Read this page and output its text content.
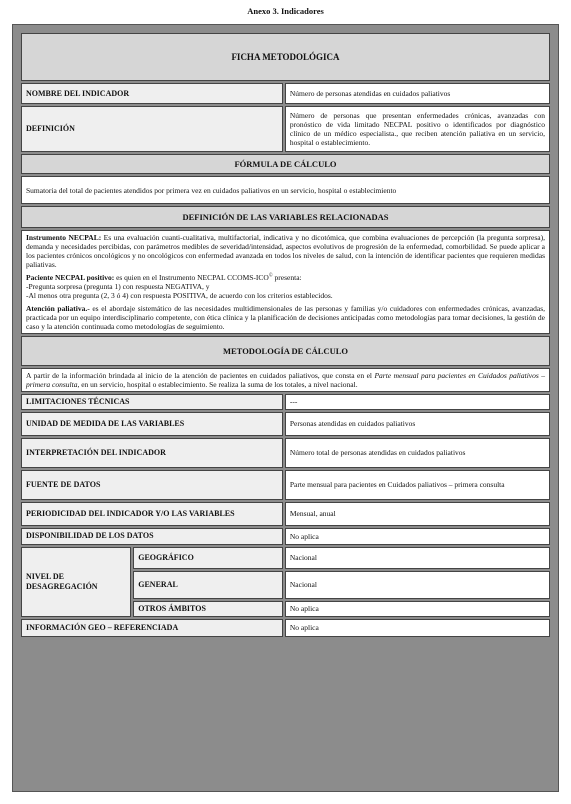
Anexo 3. Indicadores
FICHA METODOLÓGICA		
NOMBRE DEL INDICADOR		Número de personas atendidas en cuidados paliativos
DEFINICIÓN		Número de personas que presentan enfermedades crónicas, avanzadas con pronóstico de vida limitado NECPAL positivo o identificados por diagnóstico clínico de un médico especialista., que reciben atención paliativa en un servicio, hospital o establecimiento.
FÓRMULA DE CÁLCULO		
Sumatoria del total de pacientes atendidos por primera vez en cuidados paliativos en un servicio, hospital o establecimiento		
DEFINICIÓN DE LAS VARIABLES RELACIONADAS		

Instrumento NECPAL: Es una evaluación cuanti-cualitativa, multifactorial, indicativa y no dicotómica, que combina evaluaciones de percepción (la pregunta sorpresa), demanda y necesidades percibidas, con parámetros medibles de severidad/intensidad, aspectos evolutivos de progresión de la enfermedad, comorbilidad. Se puede aplicar a los pacientes crónicos oncológicos y no oncológicos con enfermedad avanzada en todos los niveles de salud, con la intención de identificar pacientes que requieren medidas paliativas.

Paciente NECPAL positivo: es quien en el Instrumento NECPAL CCOMS-ICO© presenta:

-Pregunta sorpresa (pregunta 1) con respuesta NEGATIVA, y

-Al menos otra pregunta (2, 3 ó 4) con respuesta POSITIVA, de acuerdo con los criterios establecidos.

Atención paliativa.- es el abordaje sistemático de las necesidades multidimensionales de las personas y familias y/o cuidadores con enfermedades crónicas, avanzadas, practicada por un equipo interdisciplinario competente, con ética clínica y la planificación de decisiones anticipadas como metodologías para tomar decisiones, la gestión de caso y la atención continuada como metodologías de seguimiento.		

METODOLOGÍA DE CÁLCULO		
A partir de la información brindada al inicio de la atención de pacientes en cuidados paliativos, que consta en el Parte mensual para pacientes en Cuidados paliativos – primera consulta, en un servicio, hospital o establecimiento. Se realiza la suma de los totales, a nivel nacional.		
LIMITACIONES TÉCNICAS		---
UNIDAD DE MEDIDA DE LAS VARIABLES		Personas atendidas en cuidados paliativos
INTERPRETACIÓN DEL INDICADOR		Número total de personas atendidas en cuidados paliativos
FUENTE DE DATOS		Parte mensual para pacientes en Cuidados paliativos – primera consulta
PERIODICIDAD DEL INDICADOR Y/O LAS VARIABLES		Mensual, anual
DISPONIBILIDAD DE LOS DATOS		No aplica
NIVEL DE DESAGREGACIÓN	GEOGRÁFICO	Nacional
	GENERAL	Nacional
	OTROS ÁMBITOS	No aplica
INFORMACIÓN GEO – REFERENCIADA		No aplica
